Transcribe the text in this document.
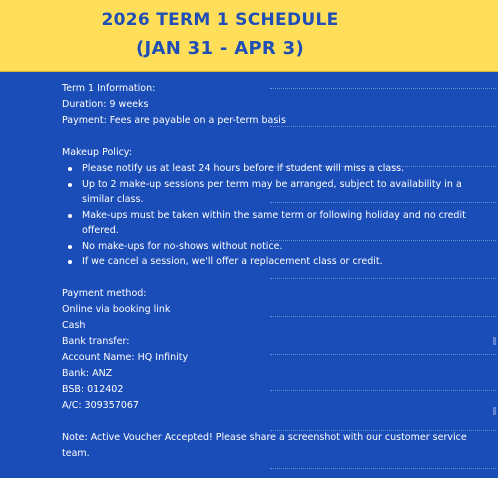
2026 TERM 1 SCHEDULE
(JAN 31 - APR 3)
Term 1 Information:
Duration: 9 weeks
Payment: Fees are payable on a per-term basis
Makeup Policy:
Please notify us at least 24 hours before if student will miss a class.
Up to 2 make-up sessions per term may be arranged, subject to availability in a similar class.
Make-ups must be taken within the same term or following holiday and no credit offered.
No make-ups for no-shows without notice.
If we cancel a session, we'll offer a replacement class or credit.
Payment method:
Online via booking link
Cash
Bank transfer:
Account Name: HQ Infinity
Bank: ANZ
BSB: 012402
A/C: 309357067
Note: Active Voucher Accepted! Please share a screenshot with our customer service team.
